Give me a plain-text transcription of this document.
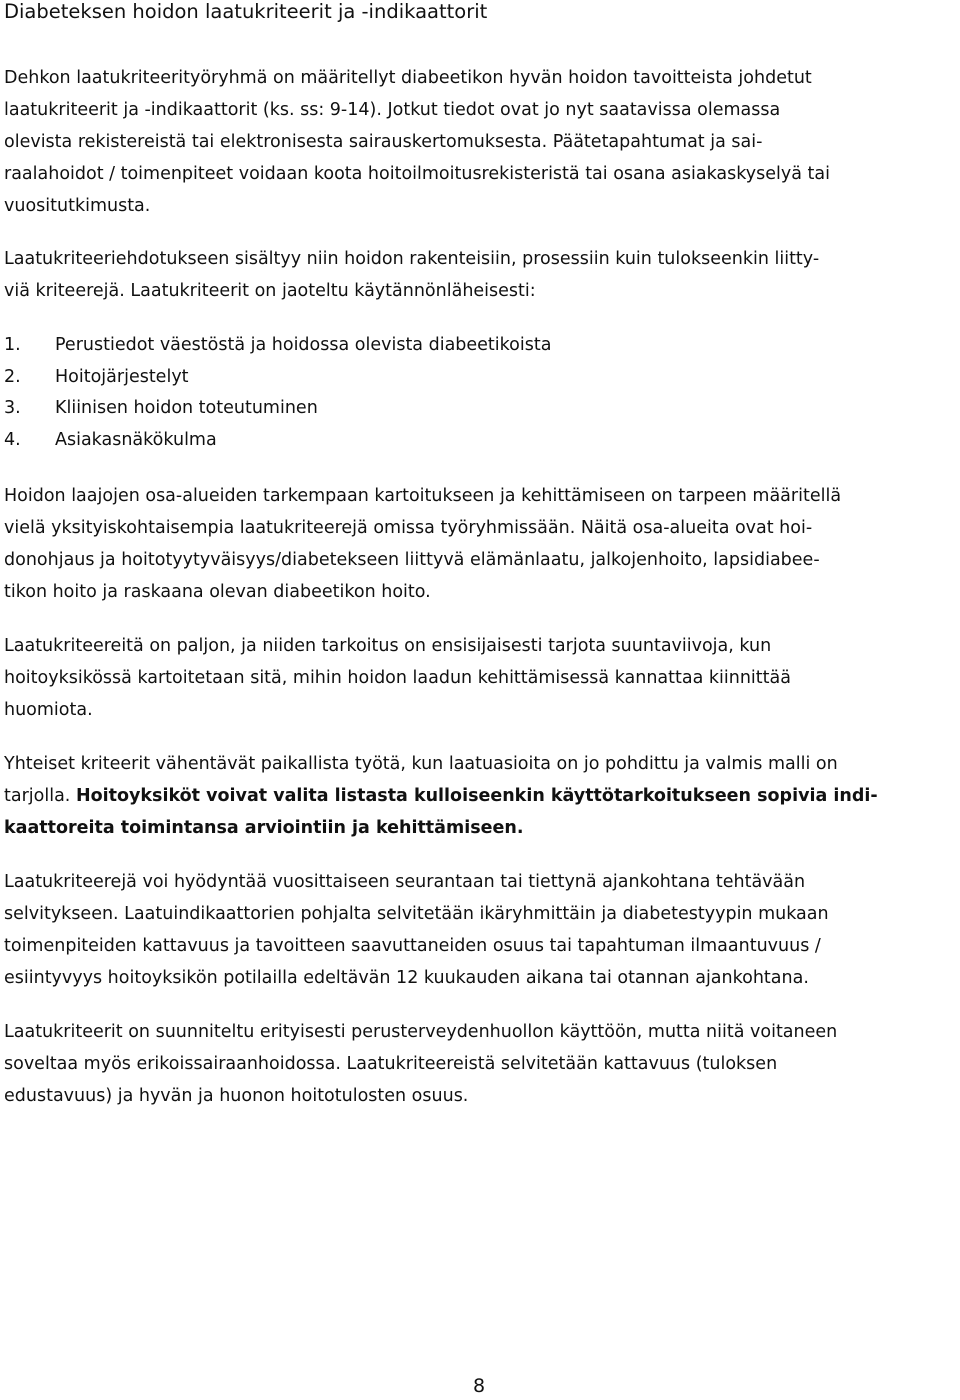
Diabeteksen hoidon laatukriteerit ja -indikaattorit

Dehkon laatukriteerityöryhmä on määritellyt diabeetikon hyvän hoidon tavoitteista johdetut
laatukriteerit ja -indikaattorit (ks. ss: 9-14). Jotkut tiedot ovat jo nyt saatavissa olemassa
olevista rekistereistä tai elektronisesta sairauskertomuksesta. Päätetapahtumat ja sai-
raalahoidot / toimenpiteet voidaan koota hoitoilmoitusrekisteristä tai osana asiakaskyselyä tai
vuositutkimusta.

Laatukriteeriehdotukseen sisältyy niin hoidon rakenteisiin, prosessiin kuin tulokseenkin liitty-
viä kriteerejä. Laatukriteerit on jaoteltu käytännönläheisesti:

1. Perustiedot väestöstä ja hoidossa olevista diabeetikoista
2. Hoitojärjestelyt
3. Kliinisen hoidon toteutuminen
4. Asiakasnäkökulma

Hoidon laajojen osa-alueiden tarkempaan kartoitukseen ja kehittämiseen on tarpeen määritellä
vielä yksityiskohtaisempia laatukriteerejä omissa työryhmissään. Näitä osa-alueita ovat hoi-
donohjaus ja hoitotyytyväisyys/diabetekseen liittyvä elämänlaatu, jalkojenhoito, lapsidiabee-
tikon hoito ja raskaana olevan diabeetikon hoito.

Laatukriteereitä on paljon, ja niiden tarkoitus on ensisijaisesti tarjota suuntaviivoja, kun
hoitoyksikössä kartoitetaan sitä, mihin hoidon laadun kehittämisessä kannattaa kiinnittää
huomiota.

Yhteiset kriteerit vähentävät paikallista työtä, kun laatuasioita on jo pohdittu ja valmis malli on
tarjolla. Hoitoyksiköt voivat valita listasta kulloiseenkin käyttötarkoitukseen sopivia indi-
kaattoreita toimintansa arviointiin ja kehittämiseen.

Laatukriteerejä voi hyödyntää vuosittaiseen seurantaan tai tiettynä ajankohtana tehtävään
selvitykseen. Laatuindikaattorien pohjalta selvitetään ikäryhmittäin ja diabetestyypin mukaan
toimenpiteiden kattavuus ja tavoitteen saavuttaneiden osuus tai tapahtuman ilmaantuvuus /
esiintyvyys hoitoyksikön potilailla edeltävän 12 kuukauden aikana tai otannan ajankohtana.

Laatukriteerit on suunniteltu erityisesti perusterveydenhuollon käyttöön, mutta niitä voitaneen
soveltaa myös erikoissairaanhoidossa. Laatukriteereistä selvitetään kattavuus (tuloksen
edustavuus) ja hyvän ja huonon hoitotulosten osuus.

8
